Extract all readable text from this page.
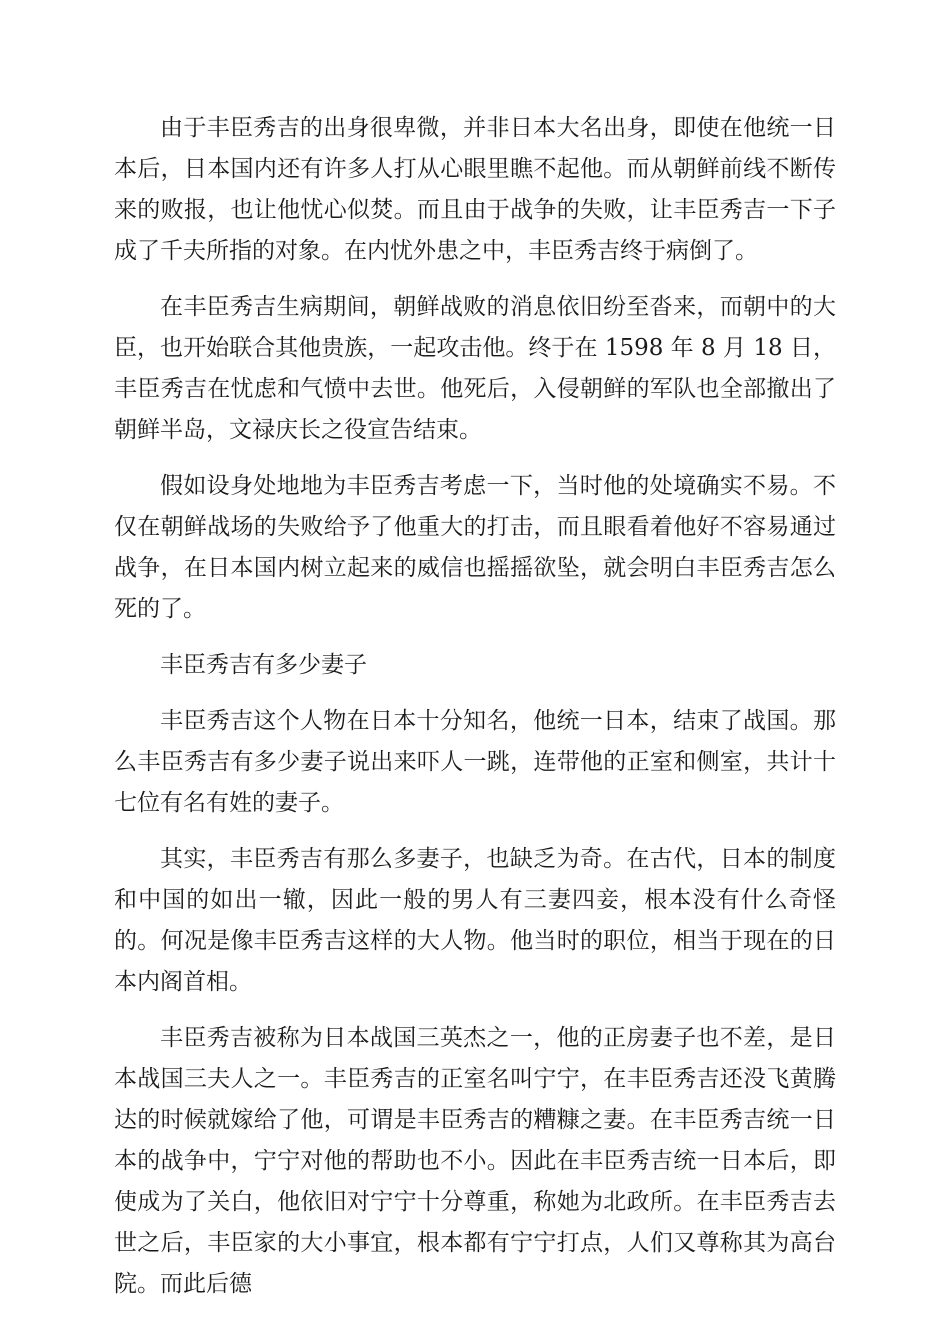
由于丰臣秀吉的出身很卑微，并非日本大名出身，即使在他统一日本后，日本国内还有许多人打从心眼里瞧不起他。而从朝鲜前线不断传来的败报，也让他忧心似焚。而且由于战争的失败，让丰臣秀吉一下子成了千夫所指的对象。在内忧外患之中，丰臣秀吉终于病倒了。

在丰臣秀吉生病期间，朝鲜战败的消息依旧纷至沓来，而朝中的大臣，也开始联合其他贵族，一起攻击他。终于在 1598 年 8 月 18 日，丰臣秀吉在忧虑和气愤中去世。他死后，入侵朝鲜的军队也全部撤出了朝鲜半岛，文禄庆长之役宣告结束。

假如设身处地地为丰臣秀吉考虑一下，当时他的处境确实不易。不仅在朝鲜战场的失败给予了他重大的打击，而且眼看着他好不容易通过战争，在日本国内树立起来的威信也摇摇欲坠，就会明白丰臣秀吉怎么死的了。

丰臣秀吉有多少妻子

丰臣秀吉这个人物在日本十分知名，他统一日本，结束了战国。那么丰臣秀吉有多少妻子说出来吓人一跳，连带他的正室和侧室，共计十七位有名有姓的妻子。

其实，丰臣秀吉有那么多妻子，也缺乏为奇。在古代，日本的制度和中国的如出一辙，因此一般的男人有三妻四妾，根本没有什么奇怪的。何况是像丰臣秀吉这样的大人物。他当时的职位，相当于现在的日本内阁首相。

丰臣秀吉被称为日本战国三英杰之一，他的正房妻子也不差，是日本战国三夫人之一。丰臣秀吉的正室名叫宁宁，在丰臣秀吉还没飞黄腾达的时候就嫁给了他，可谓是丰臣秀吉的糟糠之妻。在丰臣秀吉统一日本的战争中，宁宁对他的帮助也不小。因此在丰臣秀吉统一日本后，即使成为了关白，他依旧对宁宁十分尊重，称她为北政所。在丰臣秀吉去世之后，丰臣家的大小事宜，根本都有宁宁打点，人们又尊称其为高台院。而此后德
